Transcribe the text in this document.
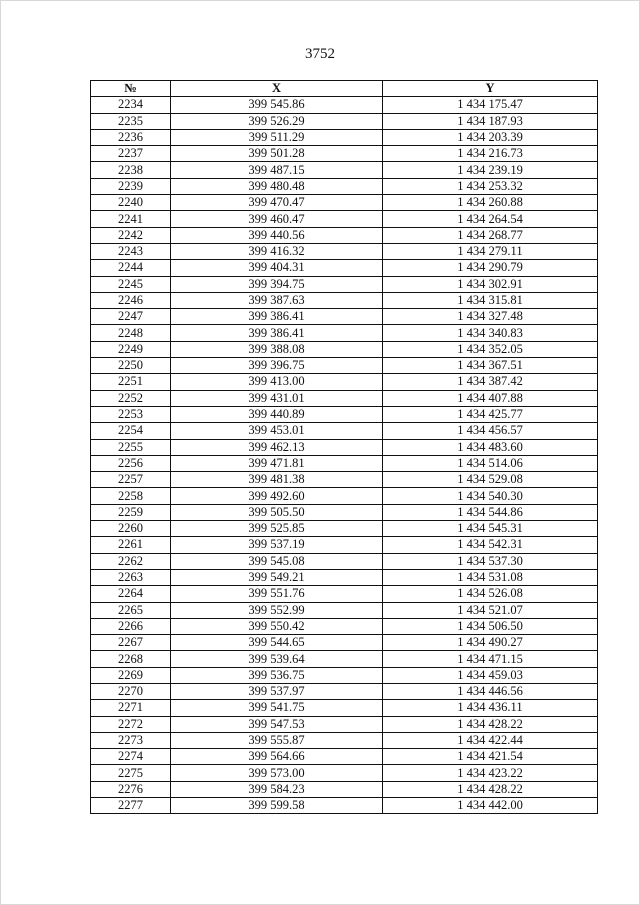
3752
№	X	Y
2234	399 545.86	1 434 175.47
2235	399 526.29	1 434 187.93
2236	399 511.29	1 434 203.39
2237	399 501.28	1 434 216.73
2238	399 487.15	1 434 239.19
2239	399 480.48	1 434 253.32
2240	399 470.47	1 434 260.88
2241	399 460.47	1 434 264.54
2242	399 440.56	1 434 268.77
2243	399 416.32	1 434 279.11
2244	399 404.31	1 434 290.79
2245	399 394.75	1 434 302.91
2246	399 387.63	1 434 315.81
2247	399 386.41	1 434 327.48
2248	399 386.41	1 434 340.83
2249	399 388.08	1 434 352.05
2250	399 396.75	1 434 367.51
2251	399 413.00	1 434 387.42
2252	399 431.01	1 434 407.88
2253	399 440.89	1 434 425.77
2254	399 453.01	1 434 456.57
2255	399 462.13	1 434 483.60
2256	399 471.81	1 434 514.06
2257	399 481.38	1 434 529.08
2258	399 492.60	1 434 540.30
2259	399 505.50	1 434 544.86
2260	399 525.85	1 434 545.31
2261	399 537.19	1 434 542.31
2262	399 545.08	1 434 537.30
2263	399 549.21	1 434 531.08
2264	399 551.76	1 434 526.08
2265	399 552.99	1 434 521.07
2266	399 550.42	1 434 506.50
2267	399 544.65	1 434 490.27
2268	399 539.64	1 434 471.15
2269	399 536.75	1 434 459.03
2270	399 537.97	1 434 446.56
2271	399 541.75	1 434 436.11
2272	399 547.53	1 434 428.22
2273	399 555.87	1 434 422.44
2274	399 564.66	1 434 421.54
2275	399 573.00	1 434 423.22
2276	399 584.23	1 434 428.22
2277	399 599.58	1 434 442.00
